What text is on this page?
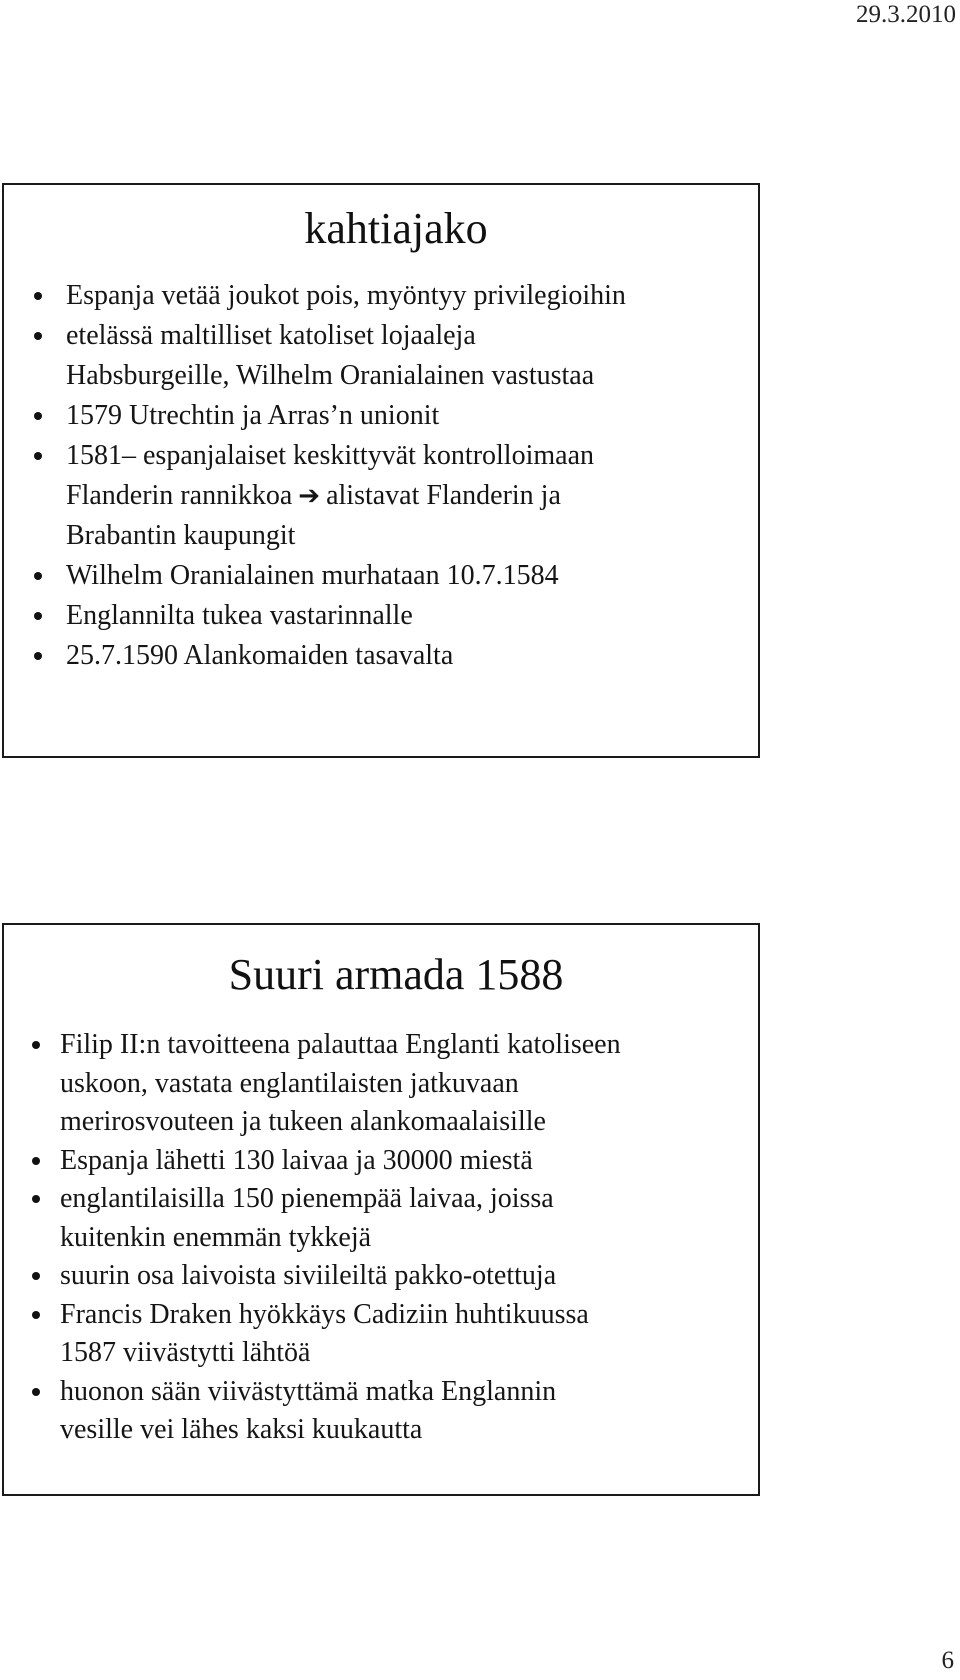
29.3.2010
kahtiajako
Espanja vetää joukot pois, myöntyy privilegioihin
etelässä maltilliset katoliset lojaaleja
Habsburgeille, Wilhelm Oranialainen vastustaa
1579 Utrechtin ja Arras’n unionit
1581– espanjalaiset keskittyvät kontrolloimaan
Flanderin rannikkoa ➔ alistavat Flanderin ja
Brabantin kaupungit
Wilhelm Oranialainen murhataan 10.7.1584
Englannilta tukea vastarinnalle
25.7.1590 Alankomaiden tasavalta
Suuri armada 1588
Filip II:n tavoitteena palauttaa Englanti katoliseen
uskoon, vastata englantilaisten jatkuvaan
merirosvouteen ja tukeen alankomaalaisille
Espanja lähetti 130 laivaa ja 30000 miestä
englantilaisilla 150 pienempää laivaa, joissa
kuitenkin enemmän tykkejä
suurin osa laivoista siviileiltä pakko-otettuja
Francis Draken hyökkäys Cadiziin huhtikuussa
1587 viivästytti lähtöä
huonon sään viivästyttämä matka Englannin
vesille vei lähes kaksi kuukautta
6
